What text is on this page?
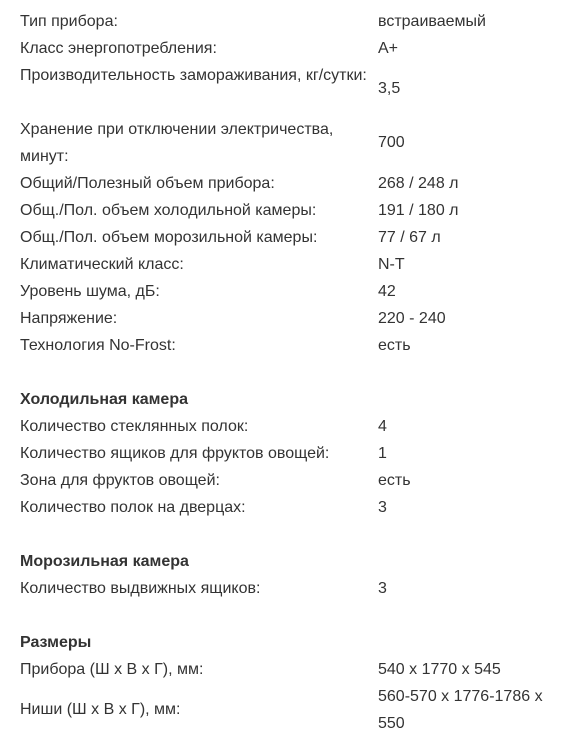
Тип прибора:	встраиваемый
Класс энергопотребления:	A+
Производительность замораживания, кг/сутки:
3,5
Хранение при отключении электричества, минут:
700
Общий/Полезный объем прибора:	268 / 248 л
Общ./Пол. объем холодильной камеры:	191 / 180 л
Общ./Пол. объем морозильной камеры:	77 / 67 л
Климатический класс:	N-T
Уровень шума, дБ:	42
Напряжение:	220 - 240
Технология No-Frost:	есть
Холодильная камера
Количество стеклянных полок:	4
Количество ящиков для фруктов овощей:	1
Зона для фруктов овощей:	есть
Количество полок на дверцах:	3
Морозильная камера
Количество выдвижных ящиков:	3
Размеры
Прибора (Ш х В х Г), мм:	540 x 1770 x 545
Ниши (Ш х В х Г), мм:
560-570 x 1776-1786 x 550
